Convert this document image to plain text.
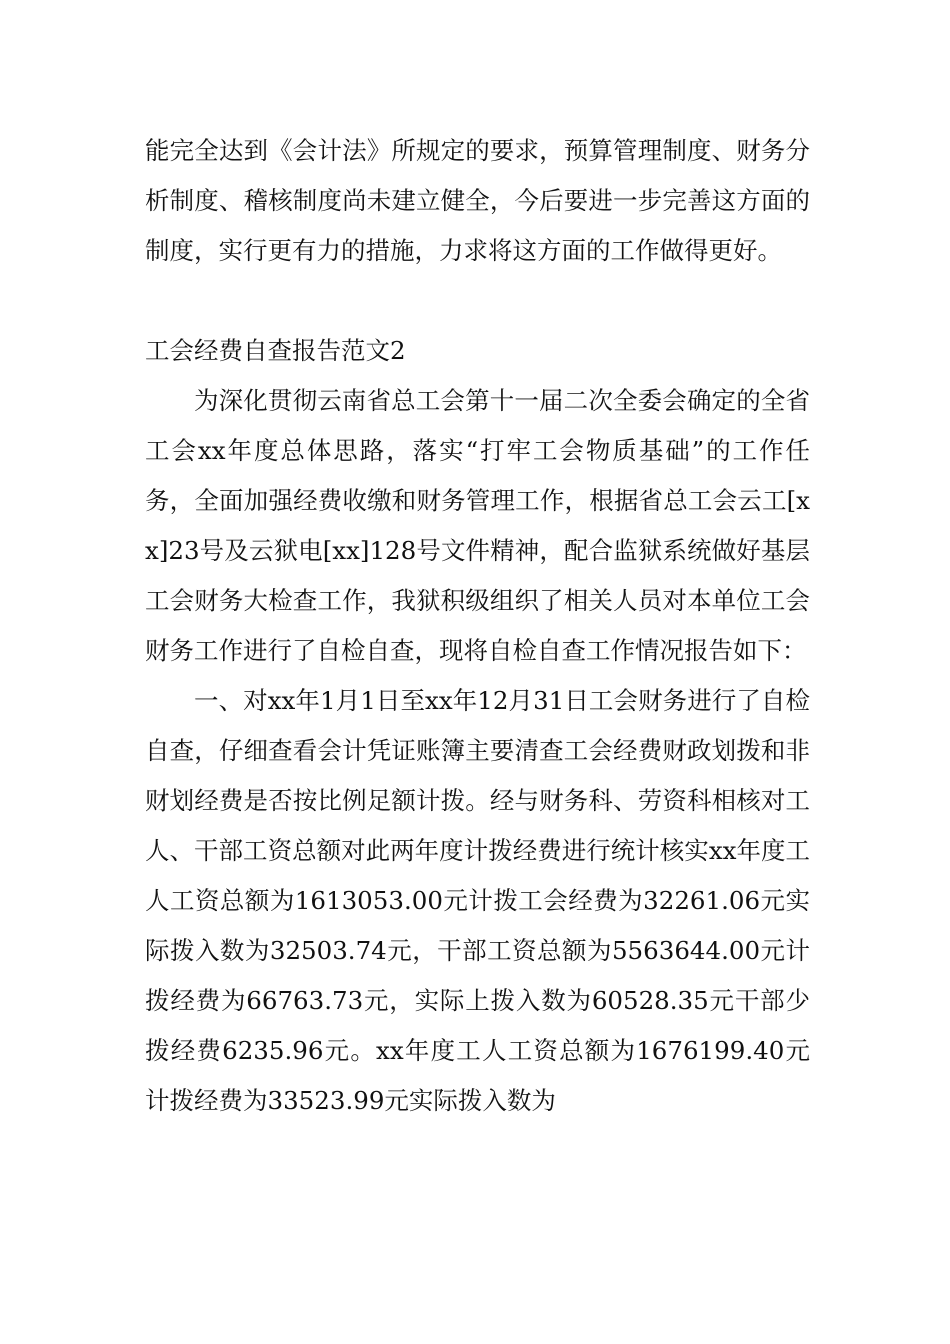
能完全达到《会计法》所规定的要求，预算管理制度、财务分析制度、稽核制度尚未建立健全，今后要进一步完善这方面的制度，实行更有力的措施，力求将这方面的工作做得更好。

工会经费自查报告范文2

为深化贯彻云南省总工会第十一届二次全委会确定的全省工会xx年度总体思路，落实“打牢工会物质基础”的工作任务，全面加强经费收缴和财务管理工作，根据省总工会云工[xx]23号及云狱电[xx]128号文件精神，配合监狱系统做好基层工会财务大检查工作，我狱积级组织了相关人员对本单位工会财务工作进行了自检自查，现将自检自查工作情况报告如下：

一、对xx年1月1日至xx年12月31日工会财务进行了自检自查，仔细查看会计凭证账簿主要清查工会经费财政划拨和非财划经费是否按比例足额计拨。经与财务科、劳资科相核对工人、干部工资总额对此两年度计拨经费进行统计核实xx年度工人工资总额为1613053.00元计拨工会经费为32261.06元实际拨入数为32503.74元，干部工资总额为5563644.00元计拨经费为66763.73元，实际上拨入数为60528.35元干部少拨经费6235.96元。xx年度工人工资总额为1676199.40元计拨经费为33523.99元实际拨入数为
